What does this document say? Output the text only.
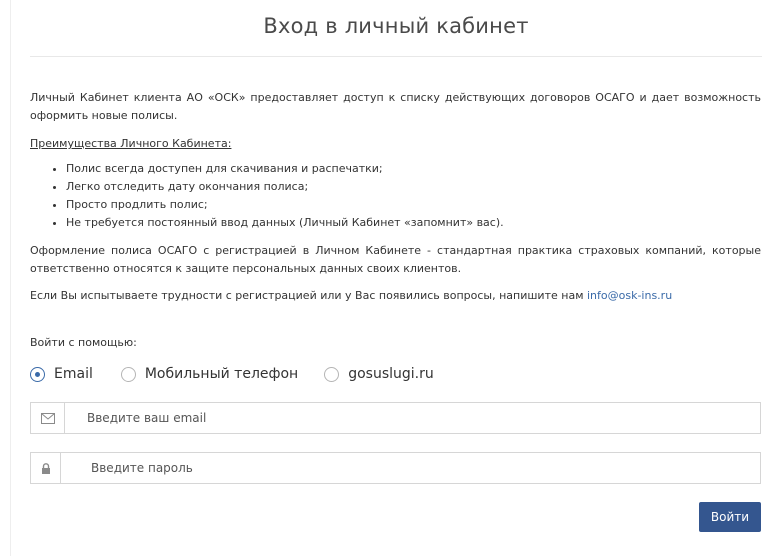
Вход в личный кабинет

Личный Кабинет клиента АО «ОСК» предоставляет доступ к списку действующих договоров ОСАГО и дает возможность оформить новые полисы.

Преимущества Личного Кабинета:
• Полис всегда доступен для скачивания и распечатки;
• Легко отследить дату окончания полиса;
• Просто продлить полис;
• Не требуется постоянный ввод данных (Личный Кабинет «запомнит» вас).

Оформление полиса ОСАГО с регистрацией в Личном Кабинете - стандартная практика страховых компаний, которые ответственно относятся к защите персональных данных своих клиентов.

Если Вы испытываете трудности с регистрацией или у Вас появились вопросы, напишите нам info@osk-ins.ru

Войти с помощью:
Email	Мобильный телефон	gosuslugi.ru
Введите ваш email
Войти
